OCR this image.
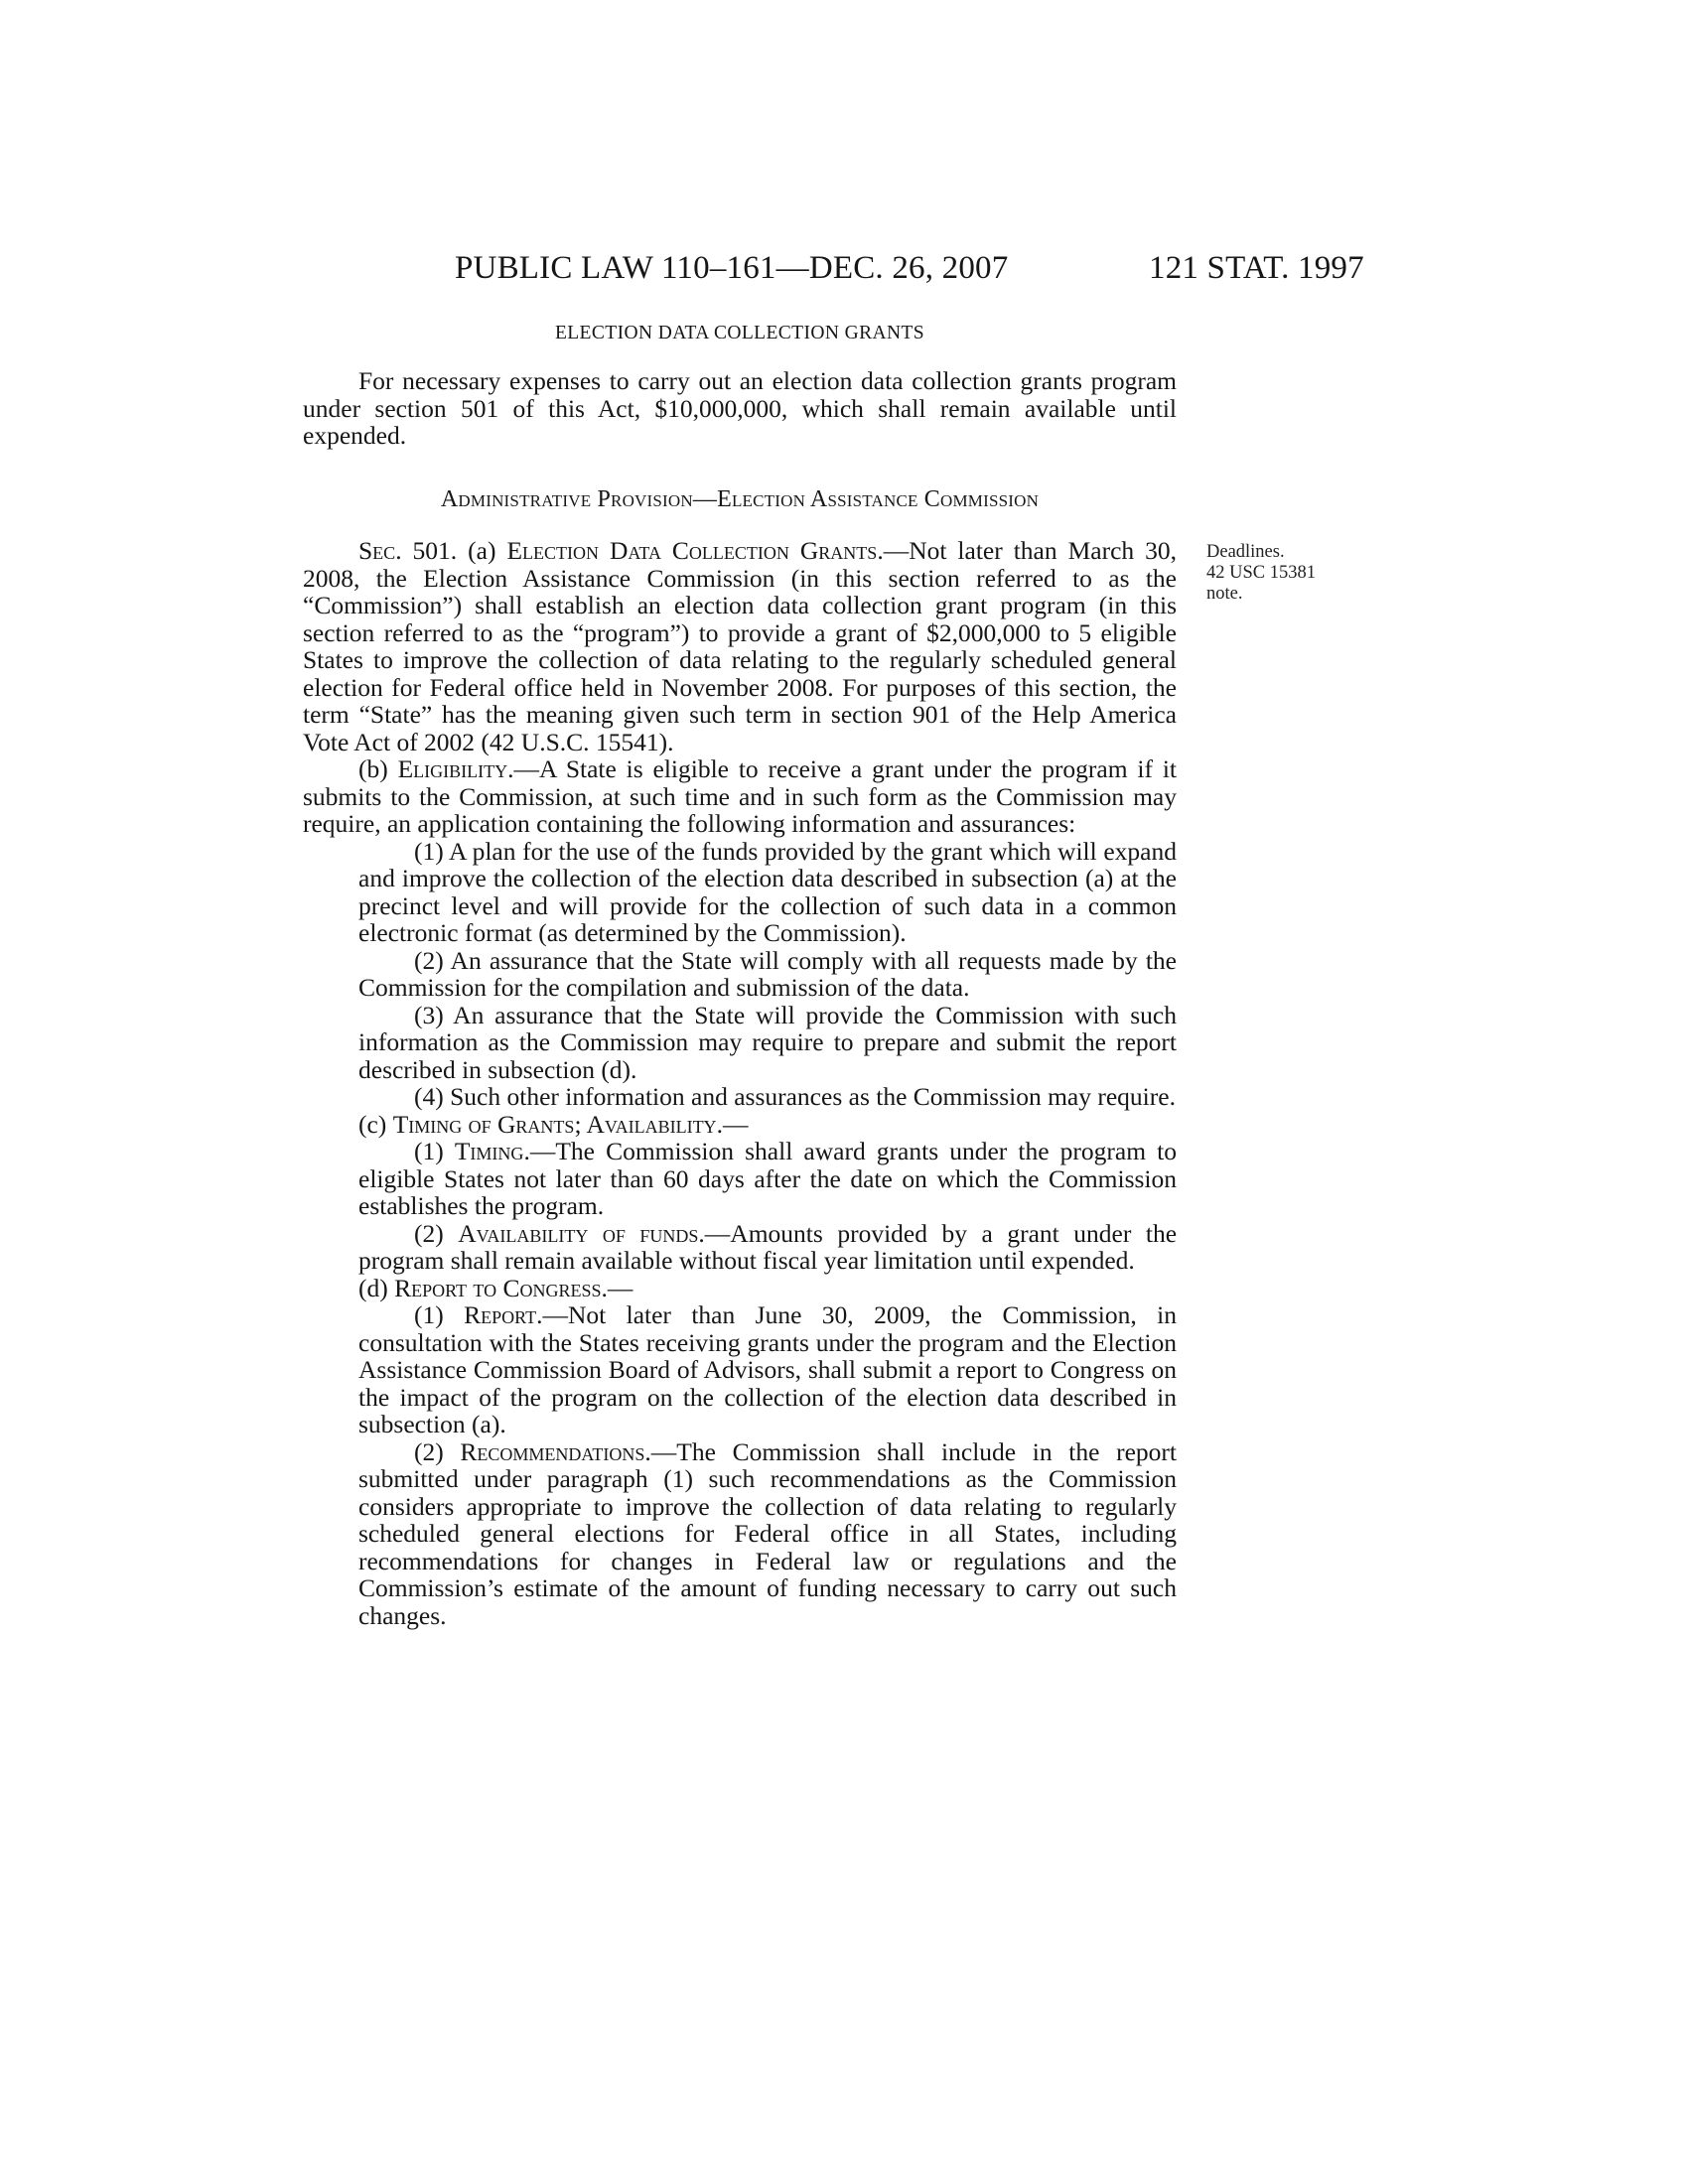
PUBLIC LAW 110–161—DEC. 26, 2007	121 STAT. 1997
ELECTION DATA COLLECTION GRANTS

For necessary expenses to carry out an election data collection grants program under section 501 of this Act, $10,000,000, which shall remain available until expended.

Administrative Provision—Election Assistance Commission
Deadlines.
42 USC 15381
note.

Sec. 501. (a) Election Data Collection Grants.—Not later than March 30, 2008, the Election Assistance Commission (in this section referred to as the “Commission”) shall establish an election data collection grant program (in this section referred to as the “program”) to provide a grant of $2,000,000 to 5 eligible States to improve the collection of data relating to the regularly scheduled general election for Federal office held in November 2008. For purposes of this section, the term “State” has the meaning given such term in section 901 of the Help America Vote Act of 2002 (42 U.S.C. 15541).

(b) Eligibility.—A State is eligible to receive a grant under the program if it submits to the Commission, at such time and in such form as the Commission may require, an application containing the following information and assurances:

(1) A plan for the use of the funds provided by the grant which will expand and improve the collection of the election data described in subsection (a) at the precinct level and will provide for the collection of such data in a common electronic format (as determined by the Commission).

(2) An assurance that the State will comply with all requests made by the Commission for the compilation and submission of the data.

(3) An assurance that the State will provide the Commission with such information as the Commission may require to prepare and submit the report described in subsection (d).

(4) Such other information and assurances as the Commission may require.

(c) Timing of Grants; Availability.—

(1) Timing.—The Commission shall award grants under the program to eligible States not later than 60 days after the date on which the Commission establishes the program.

(2) Availability of funds.—Amounts provided by a grant under the program shall remain available without fiscal year limitation until expended.

(d) Report to Congress.—

(1) Report.—Not later than June 30, 2009, the Commission, in consultation with the States receiving grants under the program and the Election Assistance Commission Board of Advisors, shall submit a report to Congress on the impact of the program on the collection of the election data described in subsection (a).

(2) Recommendations.—The Commission shall include in the report submitted under paragraph (1) such recommendations as the Commission considers appropriate to improve the collection of data relating to regularly scheduled general elections for Federal office in all States, including recommendations for changes in Federal law or regulations and the Commission’s estimate of the amount of funding necessary to carry out such changes.
